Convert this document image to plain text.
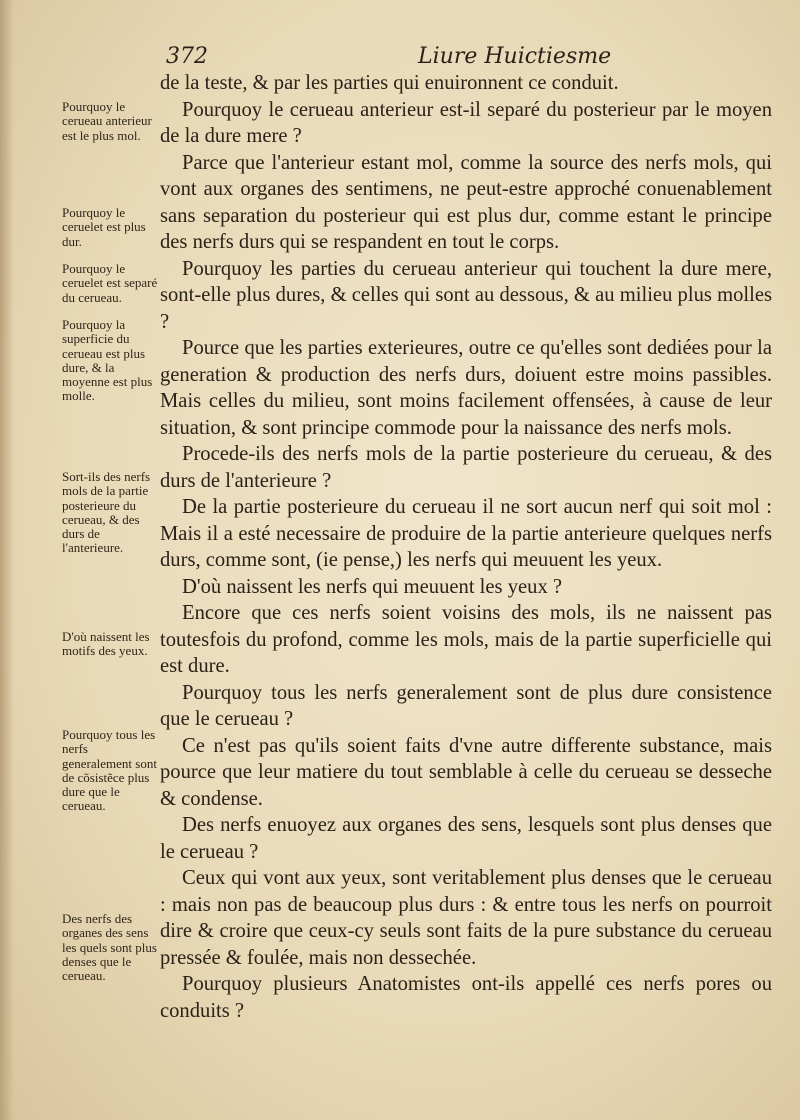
372	Liure Huictiesme
Pourquoy le cerueau anterieur est le plus mol.
Pourquoy le ceruelet est plus dur.
Pourquoy le ceruelet est separé du cerueau.
Pourquoy la superficie du cerueau est plus dure, & la moyenne est plus molle.
Sort-ils des nerfs mols de la partie posterieure du cerueau, & des durs de l'anterieure.
D'où naissent les motifs des yeux.
Pourquoy tous les nerfs generalement sont de cõsistẽce plus dure que le cerueau.
Des nerfs des organes des sens les quels sont plus denses que le cerueau.

de la teste, & par les parties qui enuironnent ce conduit.

Pourquoy le cerueau anterieur est-il separé du posterieur par le moyen de la dure mere ?

Parce que l'anterieur estant mol, comme la source des nerfs mols, qui vont aux organes des sentimens, ne peut-estre approché conuenablement sans separation du posterieur qui est plus dur, comme estant le principe des nerfs durs qui se respandent en tout le corps.

Pourquoy les parties du cerueau anterieur qui touchent la dure mere, sont-elle plus dures, & celles qui sont au dessous, & au milieu plus molles ?

Pource que les parties exterieures, outre ce qu'elles sont dediées pour la generation & production des nerfs durs, doiuent estre moins passibles. Mais celles du milieu, sont moins facilement offensées, à cause de leur situation, & sont principe commode pour la naissance des nerfs mols.

Procede-ils des nerfs mols de la partie posterieure du cerueau, & des durs de l'anterieure ?

De la partie posterieure du cerueau il ne sort aucun nerf qui soit mol : Mais il a esté necessaire de produire de la partie anterieure quelques nerfs durs, comme sont, (ie pense,) les nerfs qui meuuent les yeux.

D'où naissent les nerfs qui meuuent les yeux ?

Encore que ces nerfs soient voisins des mols, ils ne naissent pas toutesfois du profond, comme les mols, mais de la partie superficielle qui est dure.

Pourquoy tous les nerfs generalement sont de plus dure consistence que le cerueau ?

Ce n'est pas qu'ils soient faits d'vne autre differente substance, mais pource que leur matiere du tout semblable à celle du cerueau se desseche & condense.

Des nerfs enuoyez aux organes des sens, lesquels sont plus denses que le cerueau ?

Ceux qui vont aux yeux, sont veritablement plus denses que le cerueau : mais non pas de beaucoup plus durs : & entre tous les nerfs on pourroit dire & croire que ceux-cy seuls sont faits de la pure substance du cerueau pressée & foulée, mais non dessechée.

Pourquoy plusieurs Anatomistes ont-ils appellé ces nerfs pores ou conduits ?
